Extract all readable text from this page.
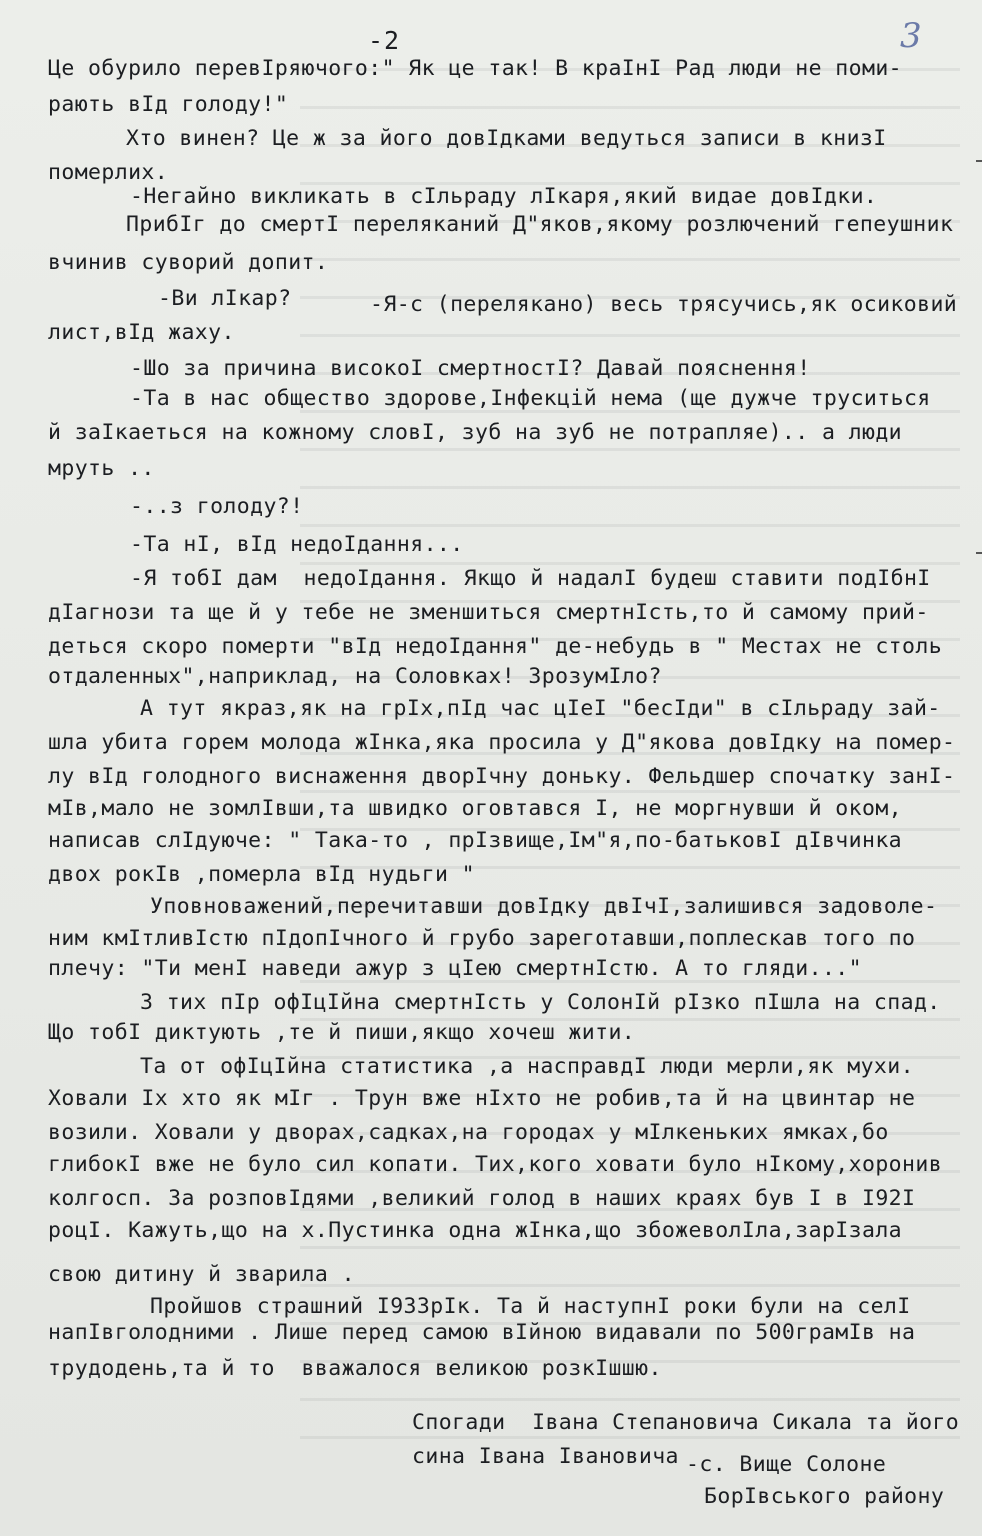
3
-2
Це обурило перевIряючого:" Як це так! В краIнI Рад люди не поми-
рають вIд голоду!"
Хто винен? Це ж за його довIдками ведуться записи в книзI
померлих.
-Негайно викликать в сIльраду лIкаря,який видае довIдки.
ПрибIг до смертI переляканий Д"яков,якому розлючений гепеушник
вчинив суворий допит.
-Ви лIкар?	-Я-с (перелякано) весь трясучись,як осиковий
лист,вIд жаху.
-Шо за причина високоI смертностI? Давай пояснення!
-Та в нас общество здорове,Iнфекцiй нема (ще дужче труситься
й заIкаеться на кожному словI, зуб на зуб не потрапляе).. а люди
мруть ..
-..з голоду?!
-Та нI, вIд недоIдання...
-Я тобI дам  недоIдання. Якщо й надалI будеш ставити подIбнI
дIагнози та ще й у тебе не зменшиться смертнIсть,то й самому прий-
деться скоро померти "вIд недоIдання" де-небудь в " Местах не столь
отдаленных",наприклад, на Соловках! ЗрозумIло?
А тут якраз,як на грIх,пIд час цIеI "бесIди" в сIльраду зай-
шла убита горем молода жIнка,яка просила у Д"якова довIдку на помер-
лу вIд голодного виснаження дворIчну доньку. Фельдшер спочатку занI-
мIв,мало не зомлIвши,та швидко оговтався I, не моргнувши й оком,
написав слIдуюче: " Така-то , прIзвище,Iм"я,по-батьковI дIвчинка
двох рокIв ,померла вIд нудьги "
Уповноважений,перечитавши довIдку двIчI,залишився задоволе-
ним кмIтливIстю пIдопIчного й грубо зареготавши,поплескав того по
плечу: "Ти менI наведи ажур з цIею смертнIстю. А то гляди..."
З тих пIр офIцIйна смертнIсть у СолонIй рIзко пIшла на спад.
Що тобI диктують ,те й пиши,якщо хочеш жити.
Та от офIцIйна статистика ,а насправдI люди мерли,як мухи.
Ховали Iх хто як мIг . Трун вже нIхто не робив,та й на цвинтар не
возили. Ховали у дворах,садках,на городах у мIлкеньких ямках,бо
глибокI вже не було сил копати. Тих,кого ховати було нIкому,хоронив
колгосп. За розповIдями ,великий голод в наших краях був I в I92I
роцI. Кажуть,що на х.Пустинка одна жIнка,що збожеволIла,зарIзала
свою дитину й зварила .
Пройшов страшний I933рIк. Та й наступнI роки були на селI
напIвголодними . Лише перед самою вIйною видавали по 500грамIв на
трудодень,та й то  вважалося великою розкIшшю.
Спогади  Iвана Степановича Сикала та його
сина Iвана Івановича -с. Вище Солоне
БорIвського району
